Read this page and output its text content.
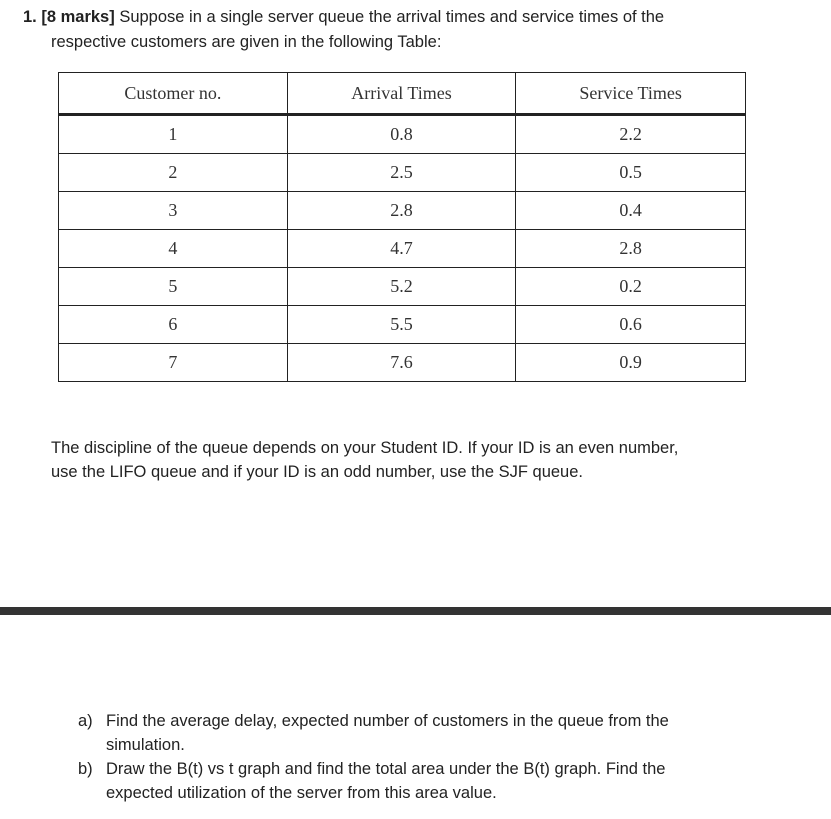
1. [8 marks] Suppose in a single server queue the arrival times and service times of the
respective customers are given in the following Table:
Customer no.	Arrival Times	Service Times
1	0.8	2.2
2	2.5	0.5
3	2.8	0.4
4	4.7	2.8
5	5.2	0.2
6	5.5	0.6
7	7.6	0.9
The discipline of the queue depends on your Student ID. If your ID is an even number,
use the LIFO queue and if your ID is an odd number, use the SJF queue.
a) Find the average delay, expected number of customers in the queue from the
simulation.
b) Draw the B(t) vs t graph and find the total area under the B(t) graph. Find the
expected utilization of the server from this area value.
